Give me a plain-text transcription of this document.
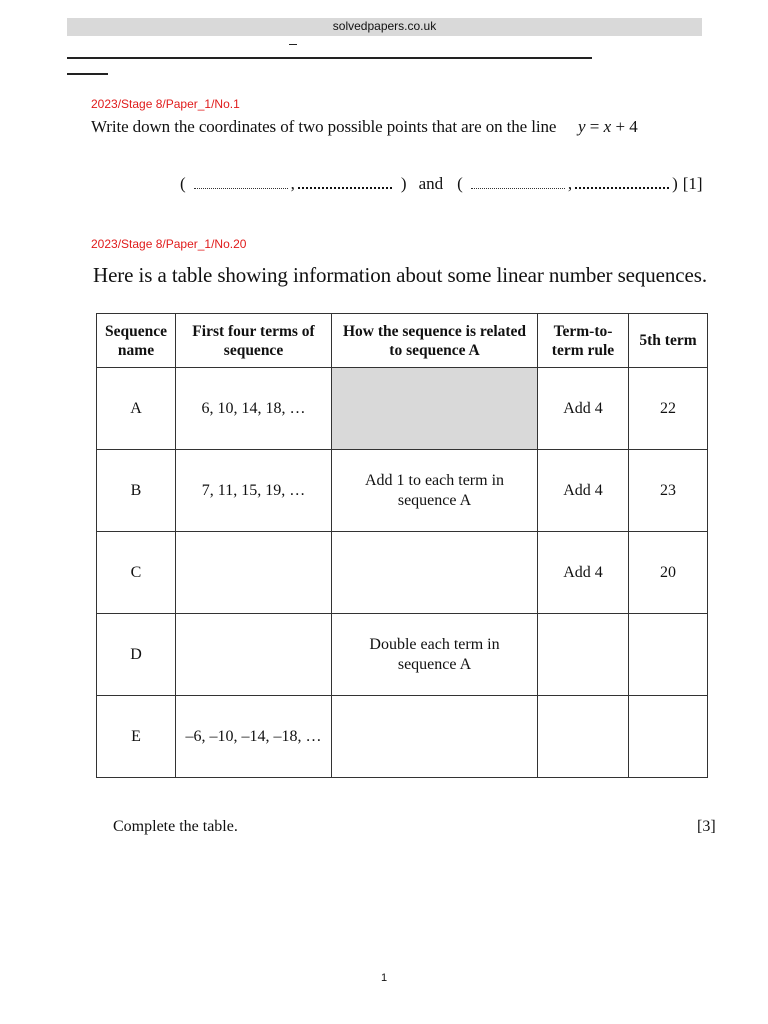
solvedpapers.co.uk
2023/Stage 8/Paper_1/No.1
Write down the coordinates of two possible points that are on the line y = x + 4
(	,	) and (	,	) [1]
2023/Stage 8/Paper_1/No.20
Here is a table showing information about some linear number sequences.
Sequence name	First four terms of sequence	How the sequence is related to sequence A	Term-to-term rule	5th term
A	6, 10, 14, 18, …		Add 4	22
B	7, 11, 15, 19, …	Add 1 to each term in sequence A	Add 4	23
C			Add 4	20
D		Double each term in sequence A		
E	–6, –10, –14, –18, …			
Complete the table.	[3]
1
